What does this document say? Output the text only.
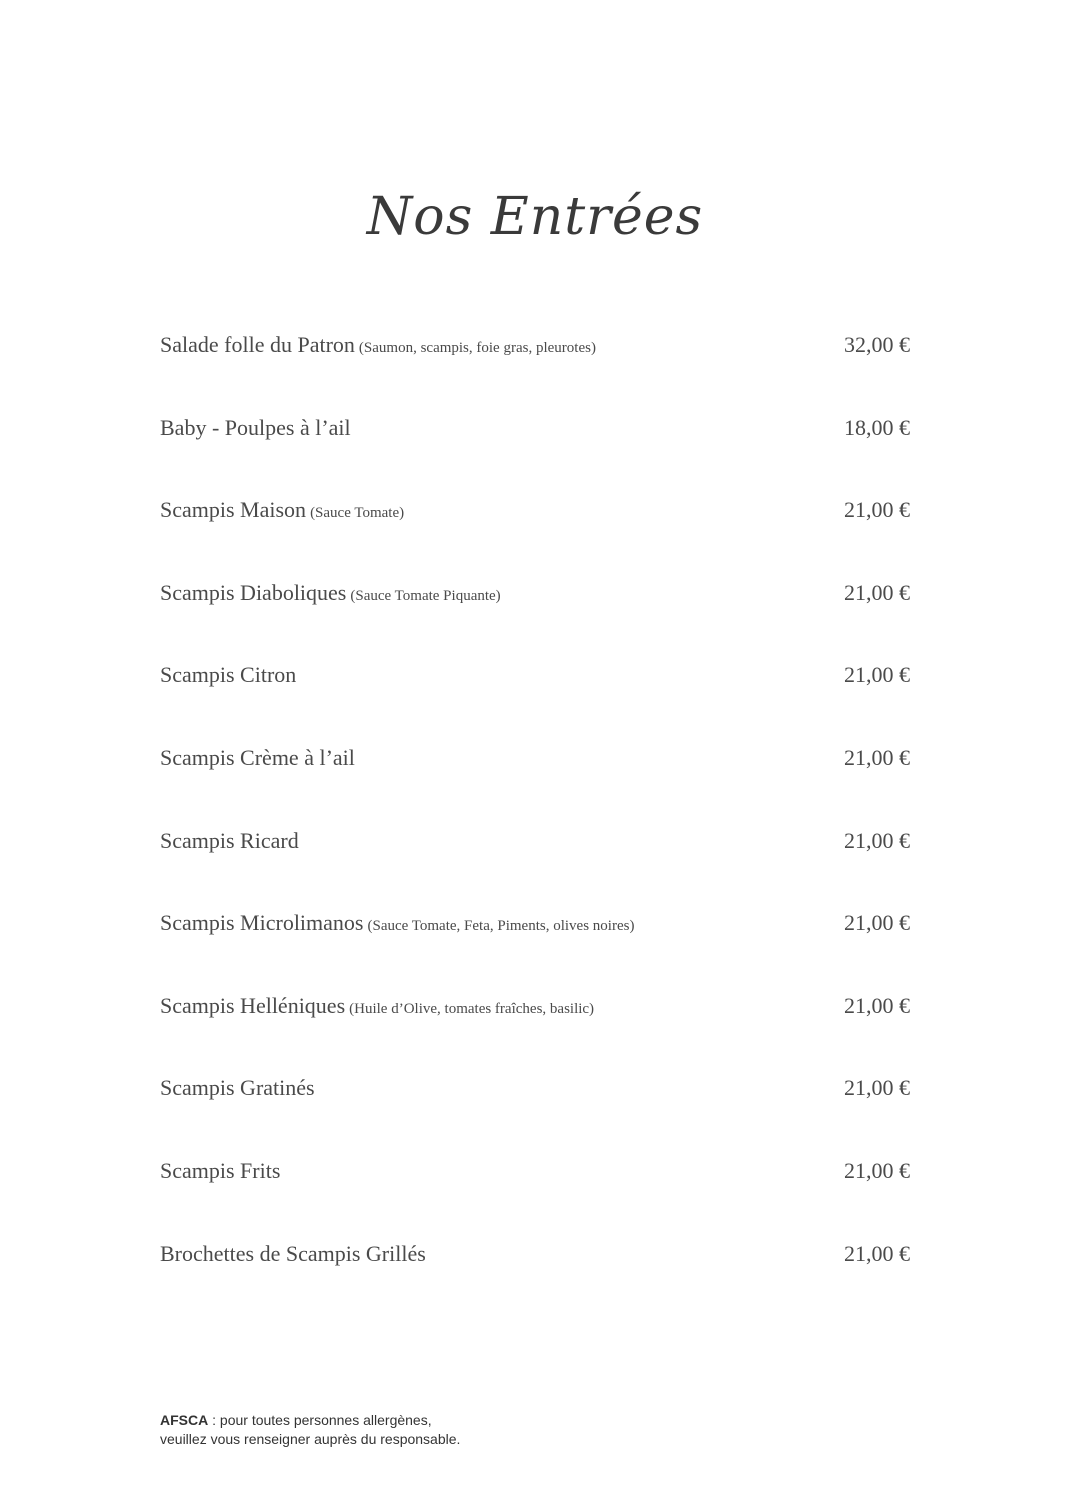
Nos Entrées
Salade folle du Patron (Saumon, scampis, foie gras, pleurotes)	32,00 €
Baby - Poulpes à l’ail	18,00 €
Scampis Maison (Sauce Tomate)	21,00 €
Scampis Diaboliques (Sauce Tomate Piquante)	21,00 €
Scampis Citron	21,00 €
Scampis Crème à l’ail	21,00 €
Scampis Ricard	21,00 €
Scampis Microlimanos (Sauce Tomate, Feta, Piments, olives noires)	21,00 €
Scampis Helléniques (Huile d’Olive, tomates fraîches, basilic)	21,00 €
Scampis Gratinés	21,00 €
Scampis Frits	21,00 €
Brochettes de Scampis Grillés	21,00 €
AFSCA : pour toutes personnes allergènes,
veuillez vous renseigner auprès du responsable.
